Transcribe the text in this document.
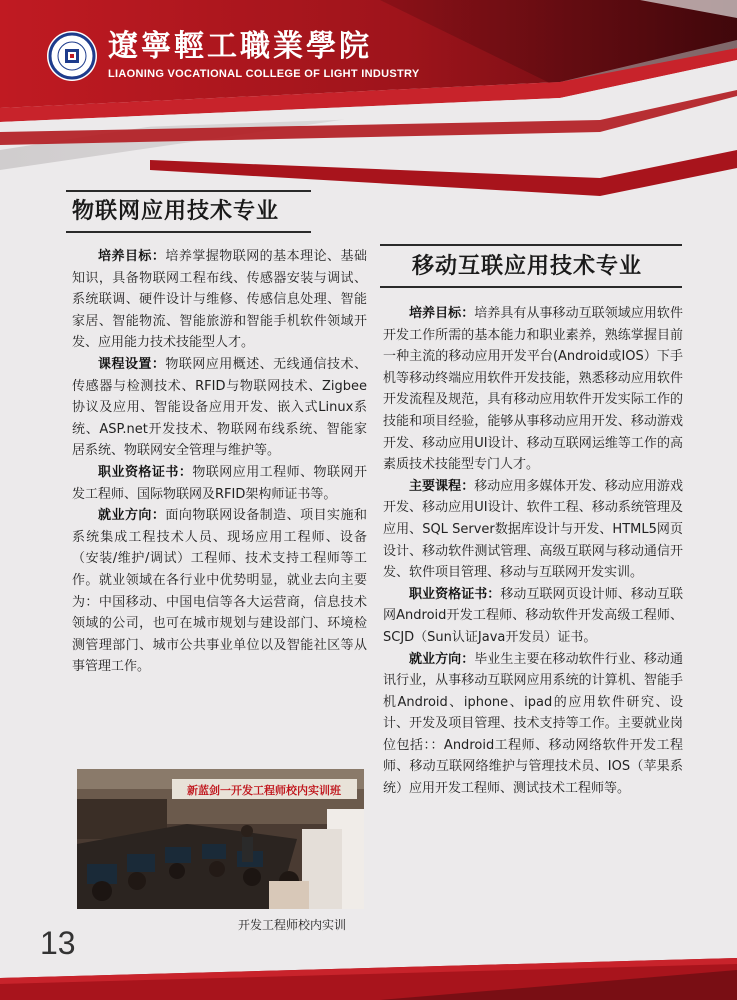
遼寧輕工職業學院
LIAONING VOCATIONAL COLLEGE OF LIGHT INDUSTRY
物联网应用技术专业

培养目标：培养掌握物联网的基本理论、基础知识，具备物联网工程布线、传感器安装与调试、系统联调、硬件设计与维修、传感信息处理、智能家居、智能物流、智能旅游和智能手机软件领域开发、应用能力技术技能型人才。

课程设置：物联网应用概述、无线通信技术、传感器与检测技术、RFID与物联网技术、Zigbee协议及应用、智能设备应用开发、嵌入式Linux系统、ASP.net开发技术、物联网布线系统、智能家居系统、物联网安全管理与维护等。

职业资格证书：物联网应用工程师、物联网开发工程师、国际物联网及RFID架构师证书等。

就业方向：面向物联网设备制造、项目实施和系统集成工程技术人员、现场应用工程师、设备（安装/维护/调试）工程师、技术支持工程师等工作。就业领域在各行业中优势明显，就业去向主要为：中国移动、中国电信等各大运营商，信息技术领域的公司，也可在城市规划与建设部门、环境检测管理部门、城市公共事业单位以及智能社区等从事管理工作。

新蓝剑一开发工程师校内实训班
开发工程师校内实训
移动互联应用技术专业

培养目标：培养具有从事移动互联领域应用软件开发工作所需的基本能力和职业素养，熟练掌握目前一种主流的移动应用开发平台(Android或IOS）下手机等移动终端应用软件开发技能，熟悉移动应用软件开发流程及规范，具有移动应用软件开发实际工作的技能和项目经验，能够从事移动应用开发、移动游戏开发、移动应用UI设计、移动互联网运维等工作的高素质技术技能型专门人才。

主要课程：移动应用多媒体开发、移动应用游戏开发、移动应用UI设计、软件工程、移动系统管理及应用、SQL Server数据库设计与开发、HTML5网页设计、移动软件测试管理、高级互联网与移动通信开发、软件项目管理、移动与互联网开发实训。

职业资格证书：移动互联网页设计师、移动互联网Android开发工程师、移动软件开发高级工程师、SCJD（Sun认证Java开发员）证书。

就业方向：毕业生主要在移动软件行业、移动通讯行业，从事移动互联网应用系统的计算机、智能手机Android、iphone、ipad的应用软件研究、设计、开发及项目管理、技术支持等工作。主要就业岗位包括：：Android工程师、移动网络软件开发工程师、移动互联网络维护与管理技术员、IOS（苹果系统）应用开发工程师、测试技术工程师等。

13
